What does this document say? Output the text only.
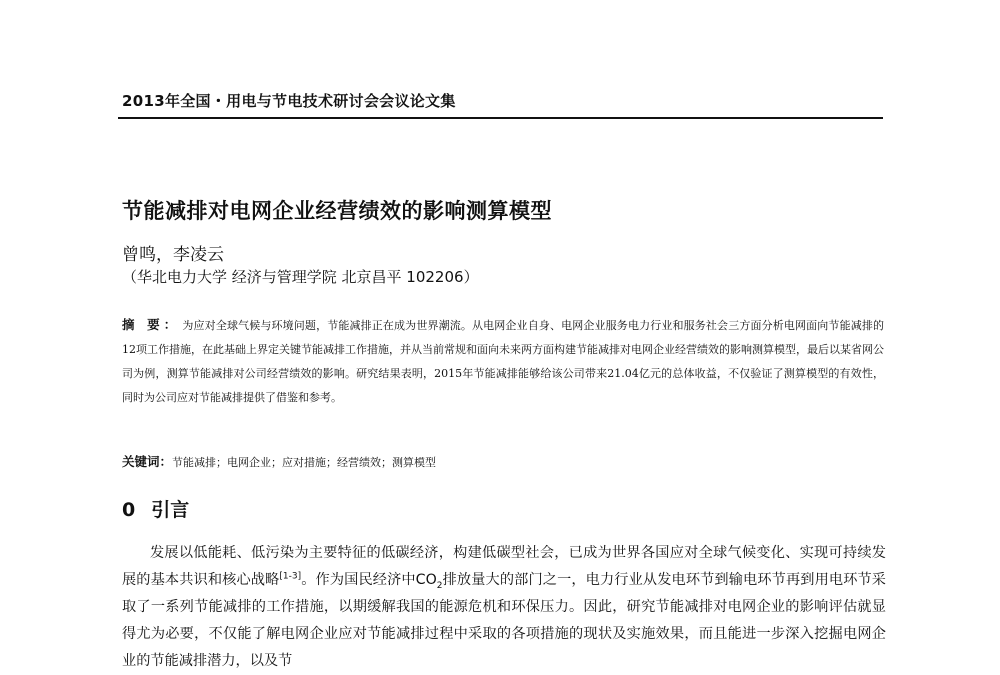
2013年全国・用电与节电技术研讨会会议论文集
节能减排对电网企业经营绩效的影响测算模型
曾鸣，李凌云
（华北电力大学 经济与管理学院 北京昌平 102206）
摘 要： 为应对全球气候与环境问题，节能减排正在成为世界潮流。从电网企业自身、电网企业服务电力行业和服务社会三方面分析电网面向节能减排的12项工作措施，在此基础上界定关键节能减排工作措施，并从当前常规和面向未来两方面构建节能减排对电网企业经营绩效的影响测算模型，最后以某省网公司为例，测算节能减排对公司经营绩效的影响。研究结果表明，2015年节能减排能够给该公司带来21.04亿元的总体收益，不仅验证了测算模型的有效性，同时为公司应对节能减排提供了借鉴和参考。
关键词：节能减排；电网企业；应对措施；经营绩效；测算模型
0 引言
发展以低能耗、低污染为主要特征的低碳经济，构建低碳型社会，已成为世界各国应对全球气候变化、实现可持续发展的基本共识和核心战略[1-3]。作为国民经济中$CO_2$排放量大的部门之一，电力行业从发电环节到输电环节再到用电环节采取了一系列节能减排的工作措施，以期缓解我国的能源危机和环保压力。因此，研究节能减排对电网企业的影响评估就显得尤为必要，不仅能了解电网企业应对节能减排过程中采取的各项措施的现状及实施效果，而且能进一步深入挖掘电网企业的节能减排潜力，以及节
